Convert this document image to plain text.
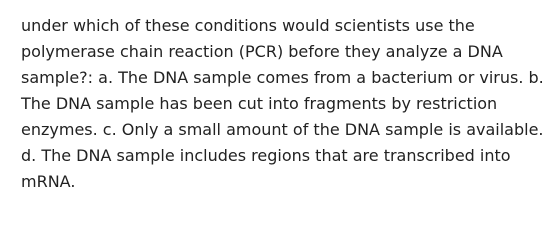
under which of these conditions would scientists use the polymerase chain reaction (PCR) before they analyze a DNA sample?: a. The DNA sample comes from a bacterium or virus. b. The DNA sample has been cut into fragments by restriction enzymes. c. Only a small amount of the DNA sample is available. d. The DNA sample includes regions that are transcribed into mRNA.
